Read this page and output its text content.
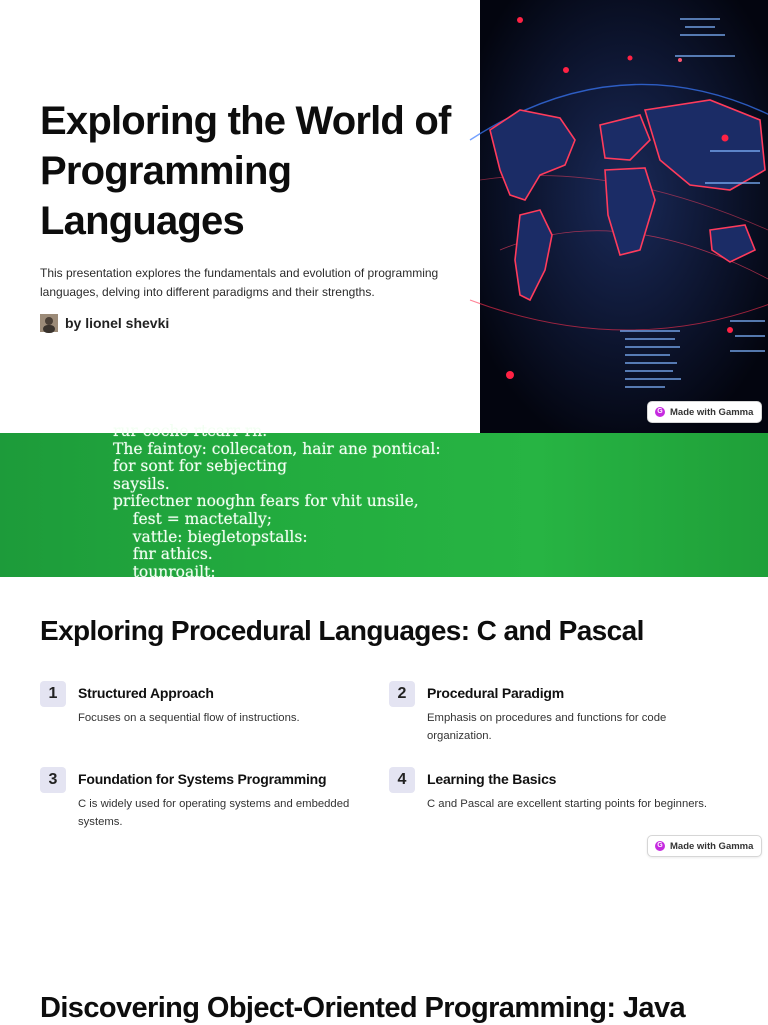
Exploring the World of Programming Languages

This presentation explores the fundamentals and evolution of programming languages, delving into different paradigms and their strengths.

by lionel shevki
G Made with Gamma
rur coche rtcarr rn.
The faintoy: collecaton, hair ane pontical:
for sont for sebjecting
saysils.
prifectner nooghn fears for vhit unsile,
fest = mactetally;
vattle: biegletopstalls:
fnr athics.
tounroailt:
Exploring Procedural Languages: C and Pascal
1	Structured Approach
Focuses on a sequential flow of instructions.
2	Procedural Paradigm
Emphasis on procedures and functions for code organization.
3	Foundation for Systems Programming
C is widely used for operating systems and embedded systems.
4	Learning the Basics
C and Pascal are excellent starting points for beginners.
G Made with Gamma
Discovering Object-Oriented Programming: Java
